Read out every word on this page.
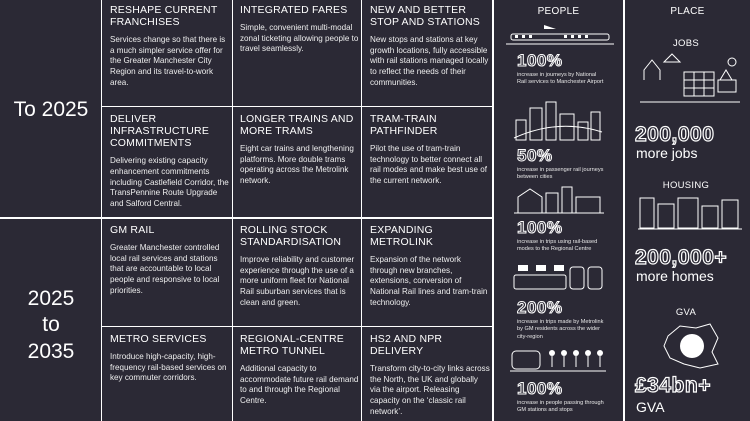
To 2025
2025
to
2035
RESHAPE CURRENT FRANCHISES

Services change so that there is a much simpler service offer for the Greater Manchester City Region and its travel-to-work area.

INTEGRATED FARES

Simple, convenient multi-modal zonal ticketing allowing people to travel seamlessly.

NEW AND BETTER STOP AND STATIONS

New stops and stations at key growth locations, fully accessible with rail stations managed locally to reflect the needs of their communities.

DELIVER INFRASTRUCTURE COMMITMENTS

Delivering existing capacity enhancement commitments including Castlefield Corridor, the TransPennine Route Upgrade and Salford Central.

LONGER TRAINS AND MORE TRAMS

Eight car trains and lengthening platforms. More double trams operating across the Metrolink network.

TRAM-TRAIN PATHFINDER

Pilot the use of tram-train technology to better connect all rail modes and make best use of the current network.

GM RAIL

Greater Manchester controlled local rail services and stations that are accountable to local people and responsive to local priorities.

ROLLING STOCK STANDARDISATION

Improve reliability and customer experience through the use of a more uniform fleet for National Rail suburban services that is clean and green.

EXPANDING METROLINK

Expansion of the network through new branches, extensions, conversion of National Rail lines and tram-train technology.

METRO SERVICES

Introduce high-capacity, high-frequency rail-based services on key commuter corridors.

REGIONAL-CENTRE METRO TUNNEL

Additional capacity to accommodate future rail demand to and through the Regional Centre.

HS2 AND NPR DELIVERY

Transform city-to-city links across the North, the UK and globally via the airport. Releasing capacity on the ‘classic rail network’.

PEOPLE
100%
increase in journeys by National Rail services to Manchester Airport
50%
increase in passenger rail journeys between cities
100%
increase in trips using rail-based modes to the Regional Centre
200%
increase in trips made by Metrolink by GM residents across the wider city-region
100%
increase in people passing through GM stations and stops
PLACE
JOBS
200,000
more jobs
HOUSING
200,000+
more homes
GVA
£34bn+
GVA
